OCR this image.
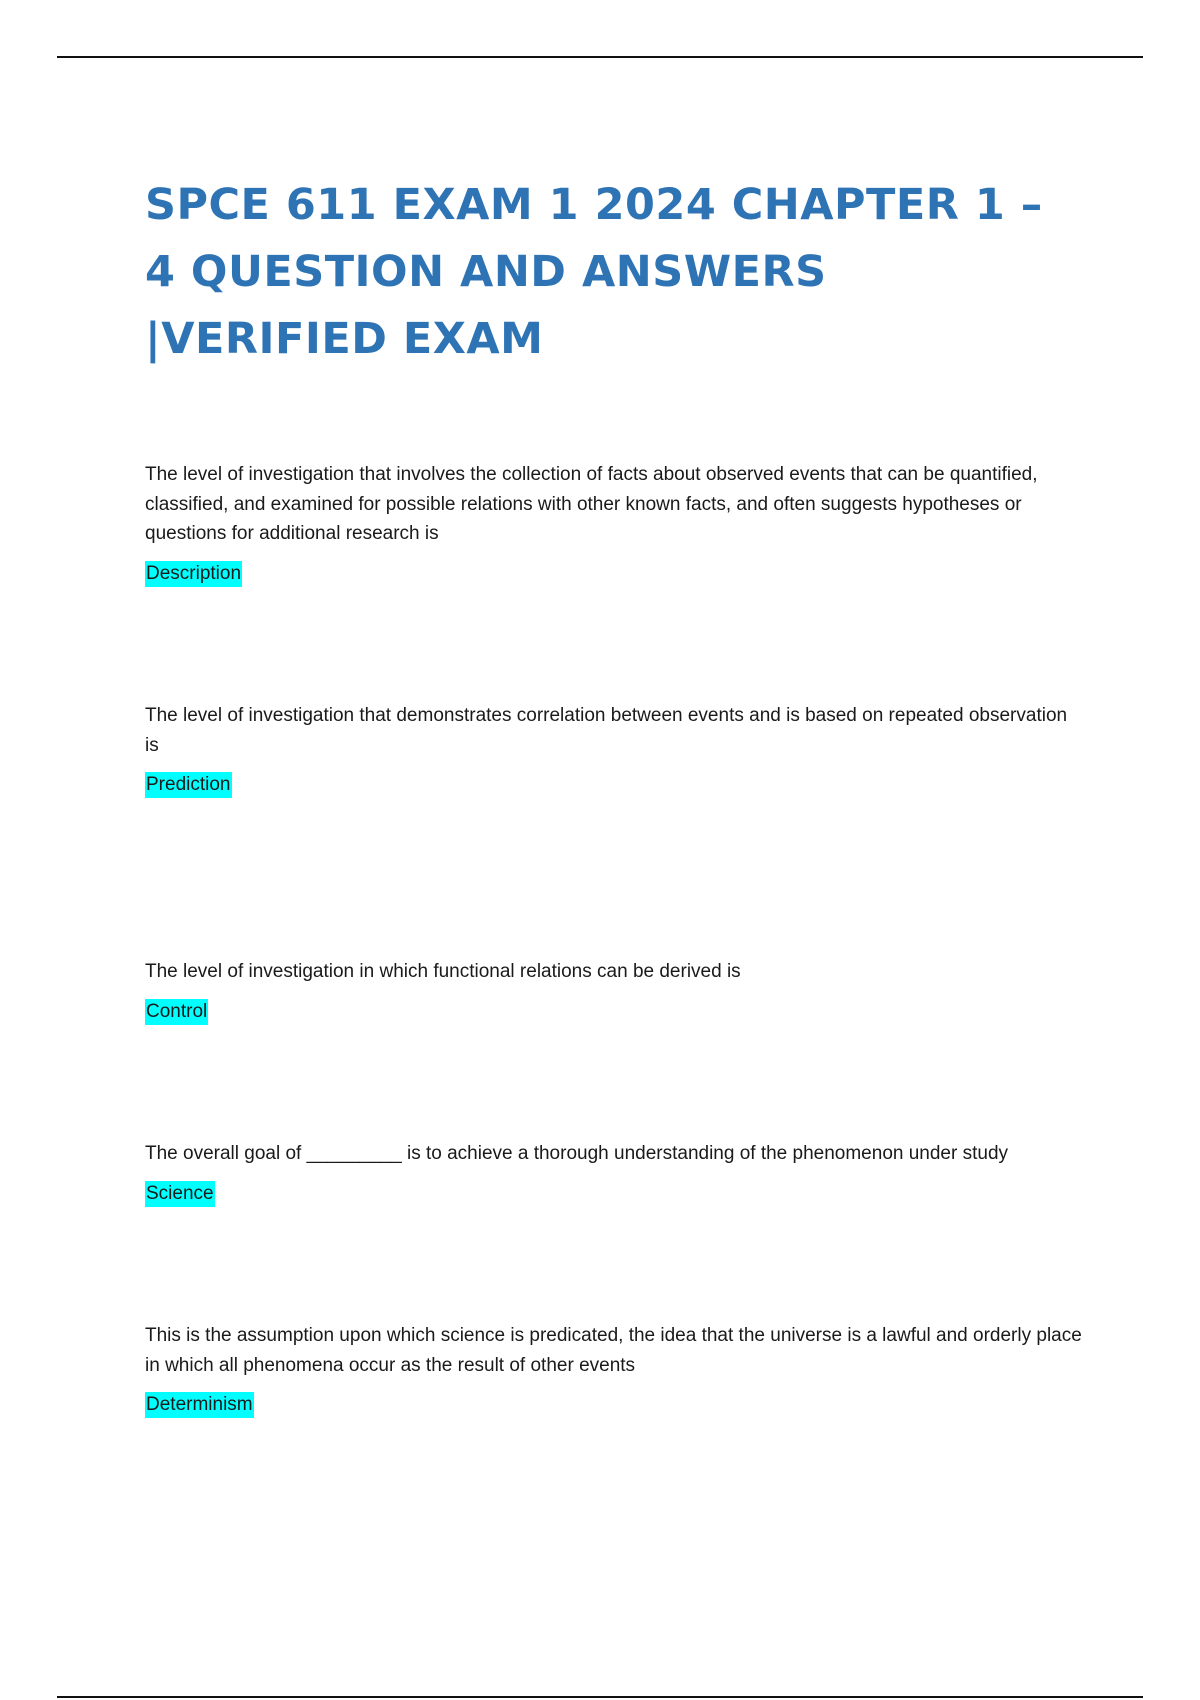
SPCE 611 EXAM 1 2024 CHAPTER 1 –
4 QUESTION AND ANSWERS
|VERIFIED EXAM

The level of investigation that involves the collection of facts about observed events that can be quantified, classified, and examined for possible relations with other known facts, and often suggests hypotheses or questions for additional research is

Description

The level of investigation that demonstrates correlation between events and is based on repeated observation is

Prediction

The level of investigation in which functional relations can be derived is

Control

The overall goal of _________ is to achieve a thorough understanding of the phenomenon under study

Science

This is the assumption upon which science is predicated, the idea that the universe is a lawful and orderly place in which all phenomena occur as the result of other events

Determinism
